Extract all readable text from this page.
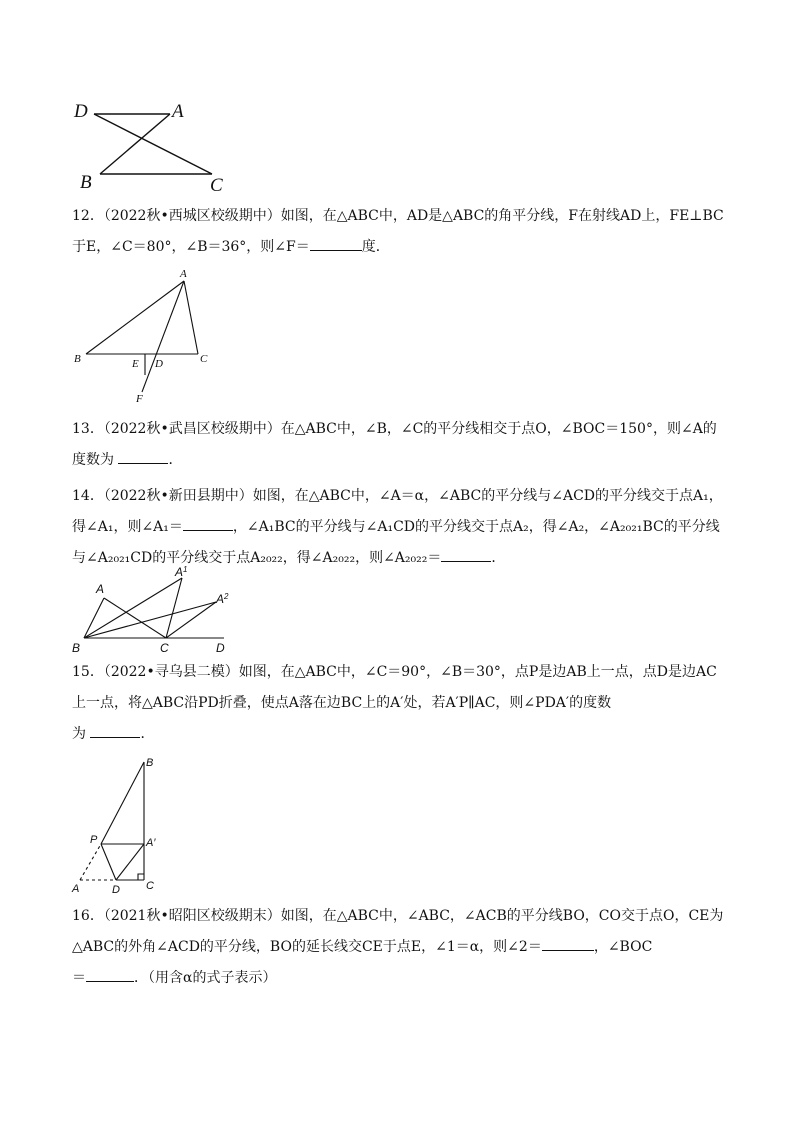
D	A
B	C
12．（2022秋•西城区校级期中）如图，在△ABC中，AD是△ABC的角平分线，F在射线AD上，FE⊥BC
于E，∠C＝80°，∠B＝36°，则∠F＝	度．
A
B	C
E D
F
13．（2022秋•武昌区校级期中）在△ABC中，∠B，∠C的平分线相交于点O，∠BOC＝150°，则∠A的
度数为	．
14．（2022秋•新田县期中）如图，在△ABC中，∠A＝α，∠ABC的平分线与∠ACD的平分线交于点A₁，
得∠A₁，则∠A₁＝	，∠A₁BC的平分线与∠A₁CD的平分线交于点A₂，得∠A₂，∠A₂₀₂₁BC的平分线
与∠A₂₀₂₁CD的平分线交于点A₂₀₂₂，得∠A₂₀₂₂，则∠A₂₀₂₂＝	．
A
$A^1$
$A^2$
B	C	D
15．（2022•寻乌县二模）如图，在△ABC中，∠C＝90°，∠B＝30°，点P是边AB上一点，点D是边AC
上一点，将△ABC沿PD折叠，使点A落在边BC上的A′处，若A′P∥AC，则∠PDA′的度数
为	．
B
P	A′
A	D C
16．（2021秋•昭阳区校级期末）如图，在△ABC中，∠ABC，∠ACB的平分线BO，CO交于点O，CE为
△ABC的外角∠ACD的平分线，BO的延长线交CE于点E，∠1＝α，则∠2＝	，∠BOC
＝	．（用含α的式子表示）
